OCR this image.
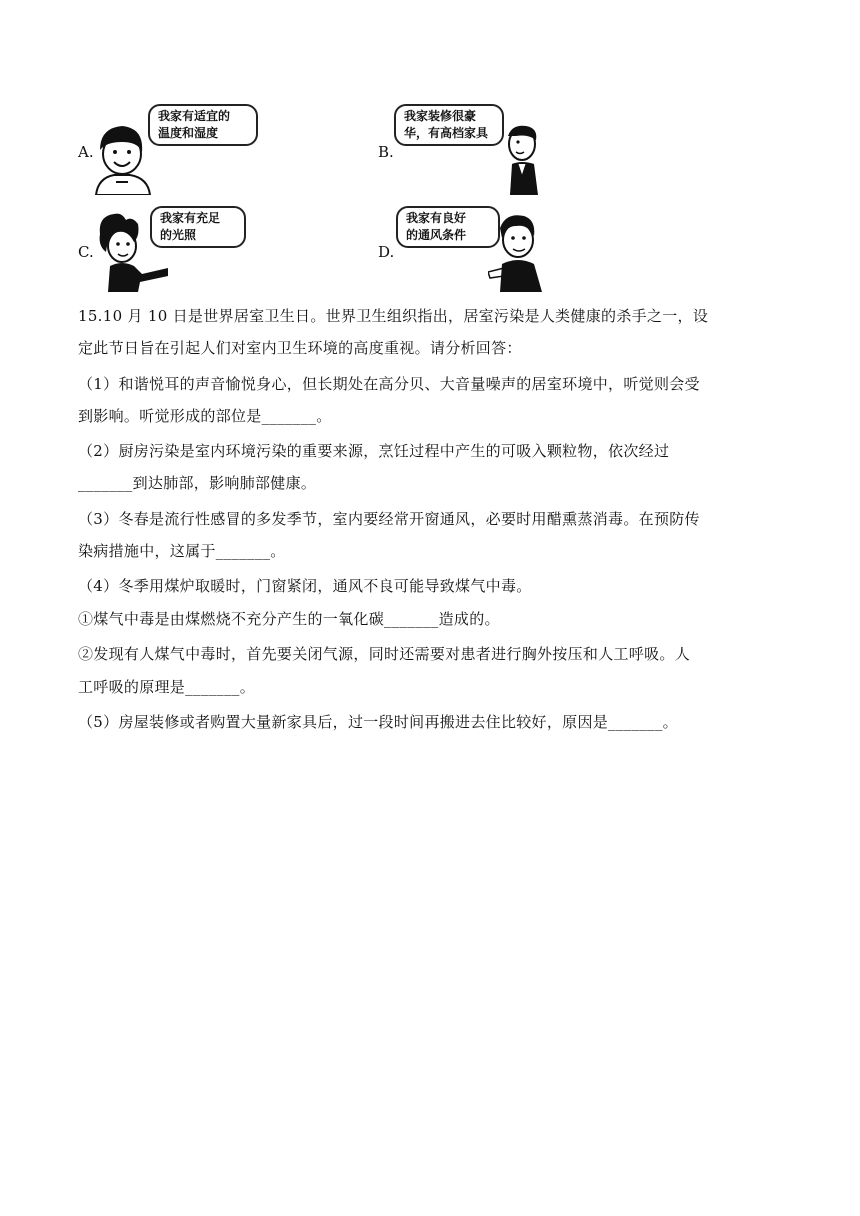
A.
我家有适宜的
温度和湿度
B.
我家装修很豪
华，有高档家具
C.
我家有充足
的光照
D.
我家有良好
的通风条件
15.10 月 10 日是世界居室卫生日。世界卫生组织指出，居室污染是人类健康的杀手之一，设
定此节日旨在引起人们对室内卫生环境的高度重视。请分析回答：
（1）和谐悦耳的声音愉悦身心，但长期处在高分贝、大音量噪声的居室环境中，听觉则会受
到影响。听觉形成的部位是_______。
（2）厨房污染是室内环境污染的重要来源，烹饪过程中产生的可吸入颗粒物，依次经过
_______到达肺部，影响肺部健康。
（3）冬春是流行性感冒的多发季节，室内要经常开窗通风，必要时用醋熏蒸消毒。在预防传
染病措施中，这属于_______。
（4）冬季用煤炉取暖时，门窗紧闭，通风不良可能导致煤气中毒。
①煤气中毒是由煤燃烧不充分产生的一氧化碳_______造成的。
②发现有人煤气中毒时，首先要关闭气源，同时还需要对患者进行胸外按压和人工呼吸。人
工呼吸的原理是_______。
（5）房屋装修或者购置大量新家具后，过一段时间再搬进去住比较好，原因是_______。
